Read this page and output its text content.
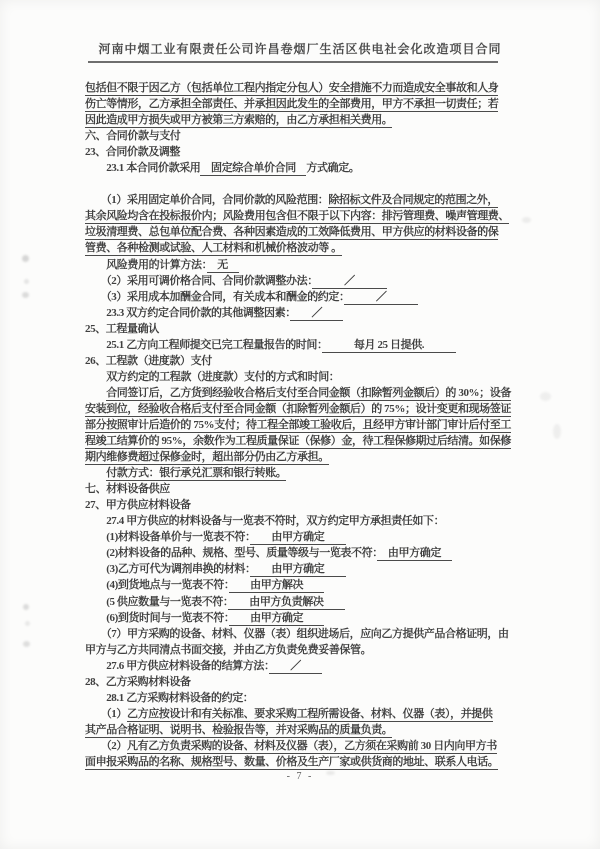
河南中烟工业有限责任公司许昌卷烟厂生活区供电社会化改造项目合同
包括但不限于因乙方（包括单位工程内指定分包人）安全措施不力而造成安全事故和人身
伤亡等情形，乙方承担全部责任、并承担因此发生的全部费用，甲方不承担一切责任；若
因此造成甲方损失或甲方被第三方索赔的，由乙方承担相关费用。
六、合同价款与支付
23、合同价款及调整
　　23.1 本合同价款采用　固定综合单价合同　方式确定。

　　（1）采用固定单价合同，合同价款的风险范围：除招标文件及合同规定的范围之外，
其余风险均含在投标报价内；风险费用包含但不限于以下内容：排污管理费、噪声管理费、
垃圾清理费、总包单位配合费、各种因素造成的工效降低费用、甲方供应的材料设备的保
管费、各种检测或试验、人工材料和机械价格波动等 。
　　风险费用的计算方法：　无　
　　（2）采用可调价格合同、合同价款调整办法：　　　／　　　
　　（3）采用成本加酬金合同，有关成本和酬金的约定：　　　／　　　
　　23.3 双方约定合同价款的其他调整因素：　　／　　
25、工程量确认
　　25.1 乙方向工程师提交已完工程量报告的时间：　　　每月 25 日提供.　　　
26、工程款（进度款）支付
　　双方约定的工程款（进度款）支付的方式和时间：
　　合同签订后，乙方货到经验收合格后支付至合同金额（扣除暂列金额后）的 30%；设备
安装到位，经验收合格后支付至合同金额（扣除暂列金额后）的 75%；设计变更和现场签证
部分按照审计后造价的 75%支付；待工程全部竣工验收后，且经甲方审计部门审计后付至工
程竣工结算价的 95%，余数作为工程质量保证（保修）金，待工程保修期过后结清。如保修
期内维修费超过保修金时，超出部分仍由乙方承担。
　　付款方式：银行承兑汇票和银行转账。
七、材料设备供应
27、甲方供应材料设备
　　27.4 甲方供应的材料设备与一览表不符时，双方约定甲方承担责任如下：
　　(1)材料设备单价与一览表不符：　　由甲方确定　　
　　(2)材料设备的品种、规格、型号、质量等级与一览表不符：　由甲方确定　
　　(3)乙方可代为调剂串换的材料：　　由甲方确定　　
　　(4)到货地点与一览表不符：　　由甲方解决　　
　　(5 供应数量与一览表不符：　　由甲方负责解决　　
　　(6)到货时间与一览表不符：　　由甲方确定　　
　　（7）甲方采购的设备、材料、仪器（表）组织进场后，应向乙方提供产品合格证明，由
甲方与乙方共同清点书面交接，并由乙方负责免费妥善保管。
　　27.6 甲方供应材料设备的结算方法：　　／　　
28、乙方采购材料设备
　　28.1 乙方采购材料设备的约定：
　　（1）乙方应按设计和有关标准、要求采购工程所需设备、材料、仪器（表），并提供
其产品合格证明、说明书、检验报告等，并对采购品的质量负责。
　　（2）凡有乙方负责采购的设备、材料及仪器（表），乙方须在采购前 30 日内向甲方书
面申报采购品的名称、规格型号、数量、价格及生产厂家或供货商的地址、联系人电话。
- 7 -
